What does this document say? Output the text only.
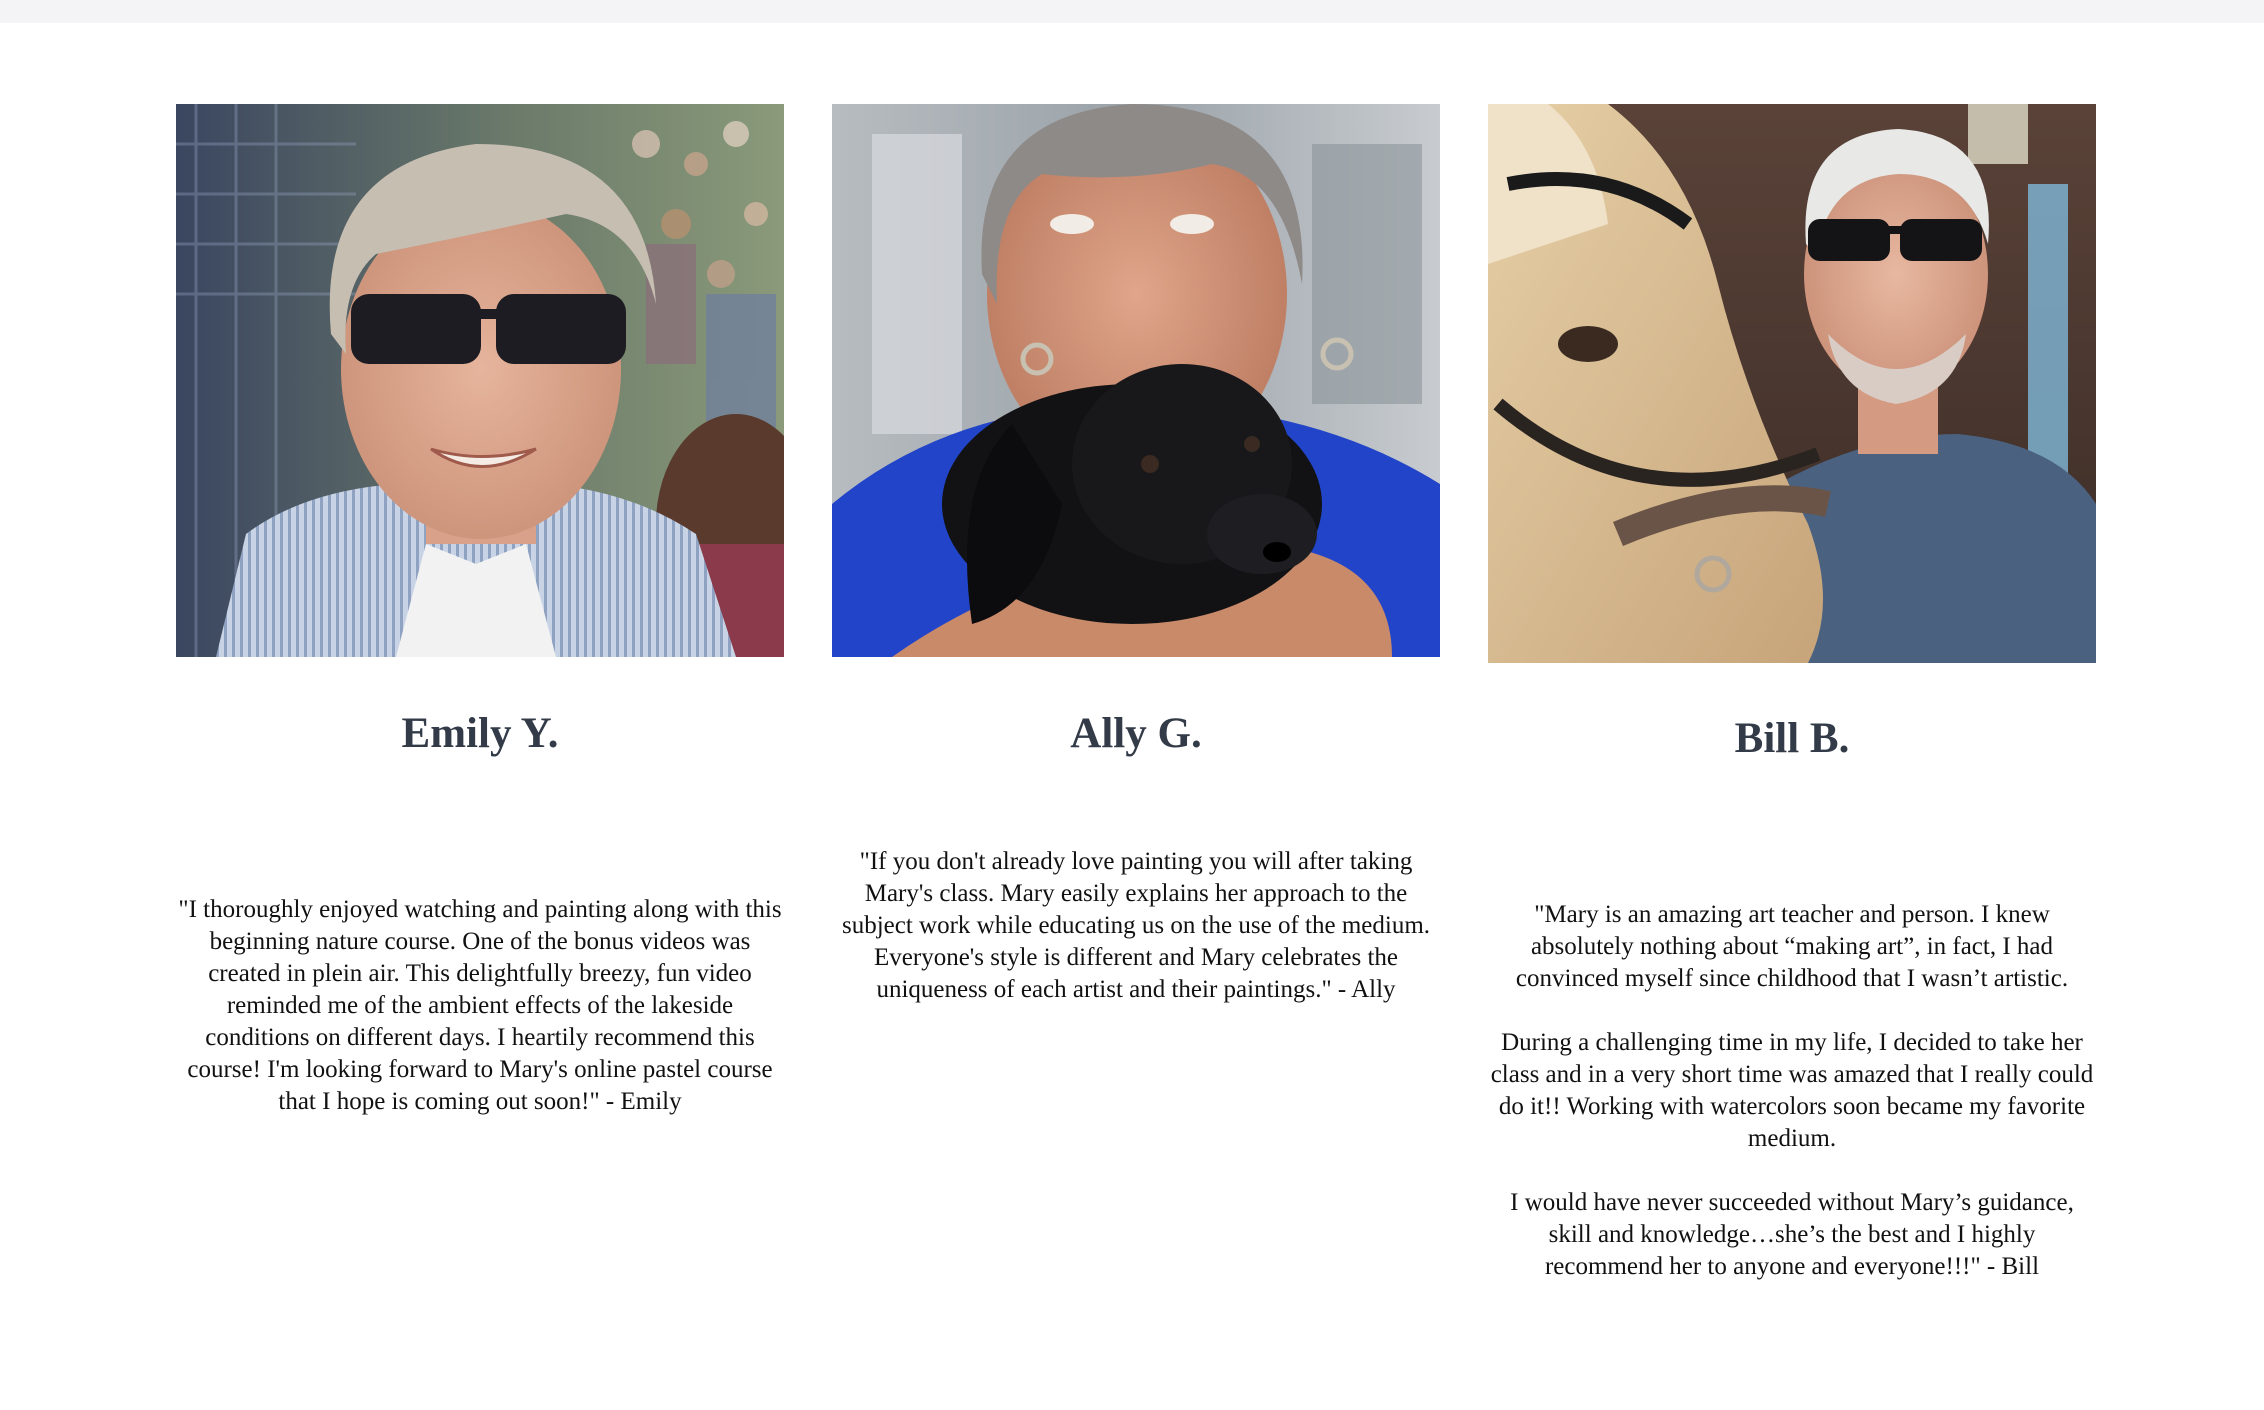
Emily Y.

"I thoroughly enjoyed watching and painting along with this beginning nature course. One of the bonus videos was created in plein air. This delightfully breezy, fun video reminded me of the ambient effects of the lakeside conditions on different days. I heartily recommend this course! I'm looking forward to Mary's online pastel course that I hope is coming out soon!" - Emily

Ally G.

"If you don't already love painting you will after taking Mary's class. Mary easily explains her approach to the subject work while educating us on the use of the medium. Everyone's style is different and Mary celebrates the uniqueness of each artist and their paintings." - Ally

Bill B.

"Mary is an amazing art teacher and person. I knew absolutely nothing about “making art”, in fact, I had convinced myself since childhood that I wasn’t artistic.

During a challenging time in my life, I decided to take her class and in a very short time was amazed that I really could do it!! Working with watercolors soon became my favorite medium.

I would have never succeeded without Mary’s guidance, skill and knowledge…she’s the best and I highly recommend her to anyone and everyone!!!" - Bill
